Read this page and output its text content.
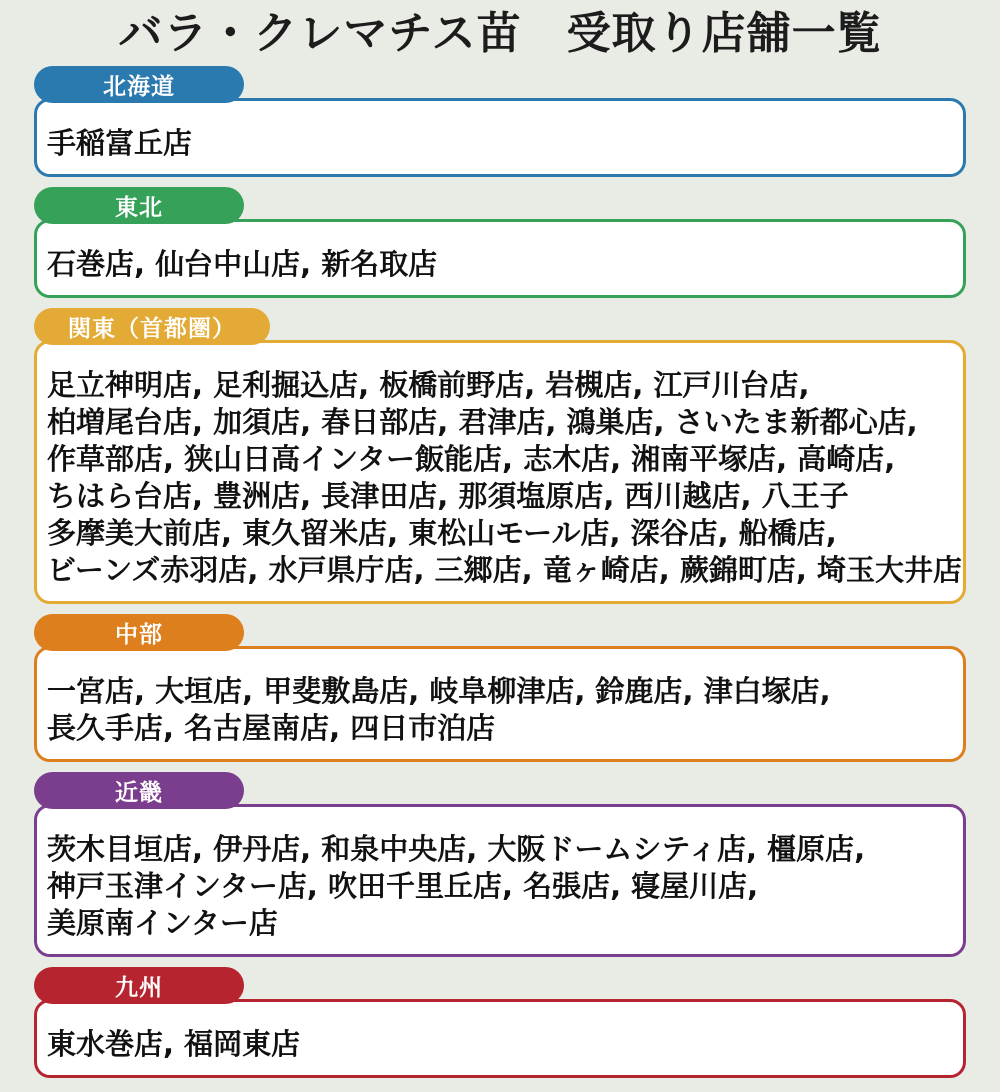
バラ・クレマチス苗　受取り店舗一覧
北海道
手稲富丘店
東北
石巻店, 仙台中山店, 新名取店
関東（首都圏）
足立神明店, 足利掘込店, 板橋前野店, 岩槻店, 江戸川台店,
柏増尾台店, 加須店, 春日部店, 君津店, 鴻巣店, さいたま新都心店,
作草部店, 狭山日高インター飯能店, 志木店, 湘南平塚店, 高崎店,
ちはら台店, 豊洲店, 長津田店, 那須塩原店, 西川越店, 八王子
多摩美大前店, 東久留米店, 東松山モール店, 深谷店, 船橋店,
ビーンズ赤羽店, 水戸県庁店, 三郷店, 竜ヶ崎店, 蕨錦町店, 埼玉大井店
中部
一宮店, 大垣店, 甲斐敷島店, 岐阜柳津店, 鈴鹿店, 津白塚店,
長久手店, 名古屋南店, 四日市泊店
近畿
茨木目垣店, 伊丹店, 和泉中央店, 大阪ドームシティ店, 橿原店,
神戸玉津インター店, 吹田千里丘店, 名張店, 寝屋川店,
美原南インター店
九州
東水巻店, 福岡東店
